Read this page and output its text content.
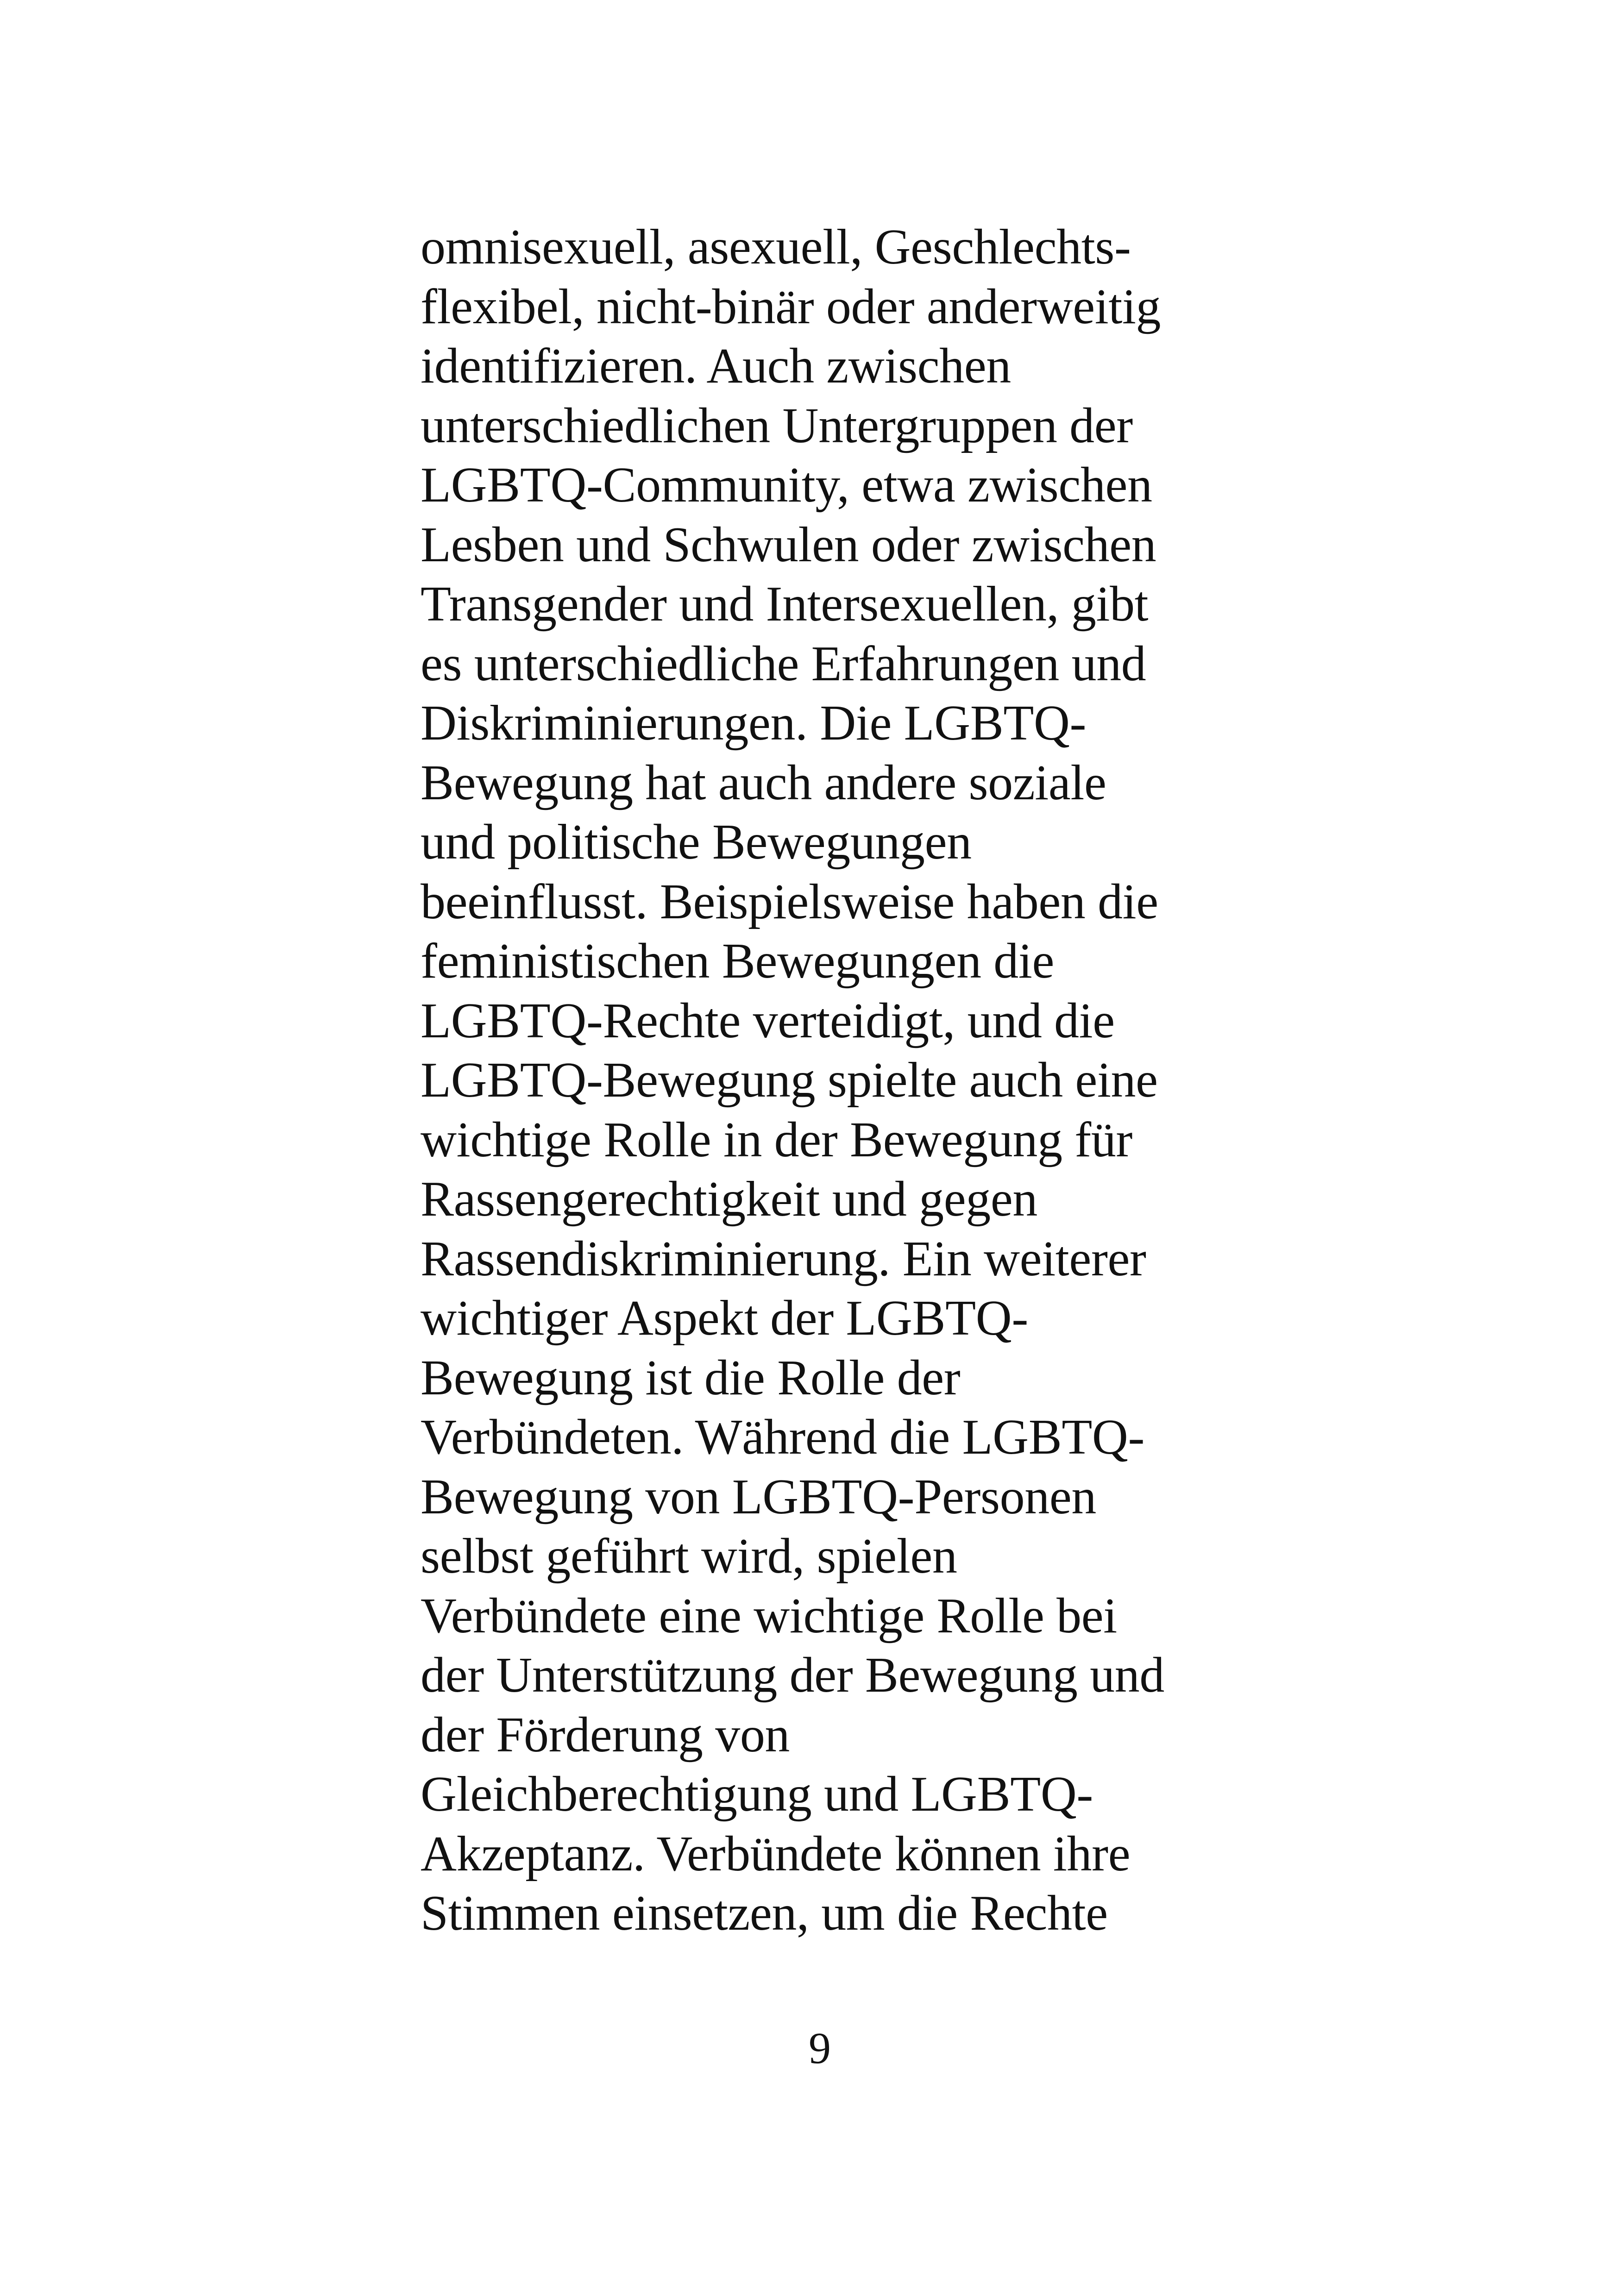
omnisexuell, asexuell, Geschlechts-
flexibel, nicht-binär oder anderweitig
identifizieren. Auch zwischen
unterschiedlichen Untergruppen der
LGBTQ-Community, etwa zwischen
Lesben und Schwulen oder zwischen
Transgender und Intersexuellen, gibt
es unterschiedliche Erfahrungen und
Diskriminierungen. Die LGBTQ-
Bewegung hat auch andere soziale
und politische Bewegungen
beeinflusst. Beispielsweise haben die
feministischen Bewegungen die
LGBTQ-Rechte verteidigt, und die
LGBTQ-Bewegung spielte auch eine
wichtige Rolle in der Bewegung für
Rassengerechtigkeit und gegen
Rassendiskriminierung. Ein weiterer
wichtiger Aspekt der LGBTQ-
Bewegung ist die Rolle der
Verbündeten. Während die LGBTQ-
Bewegung von LGBTQ-Personen
selbst geführt wird, spielen
Verbündete eine wichtige Rolle bei
der Unterstützung der Bewegung und
der Förderung von
Gleichberechtigung und LGBTQ-
Akzeptanz. Verbündete können ihre
Stimmen einsetzen, um die Rechte
9
